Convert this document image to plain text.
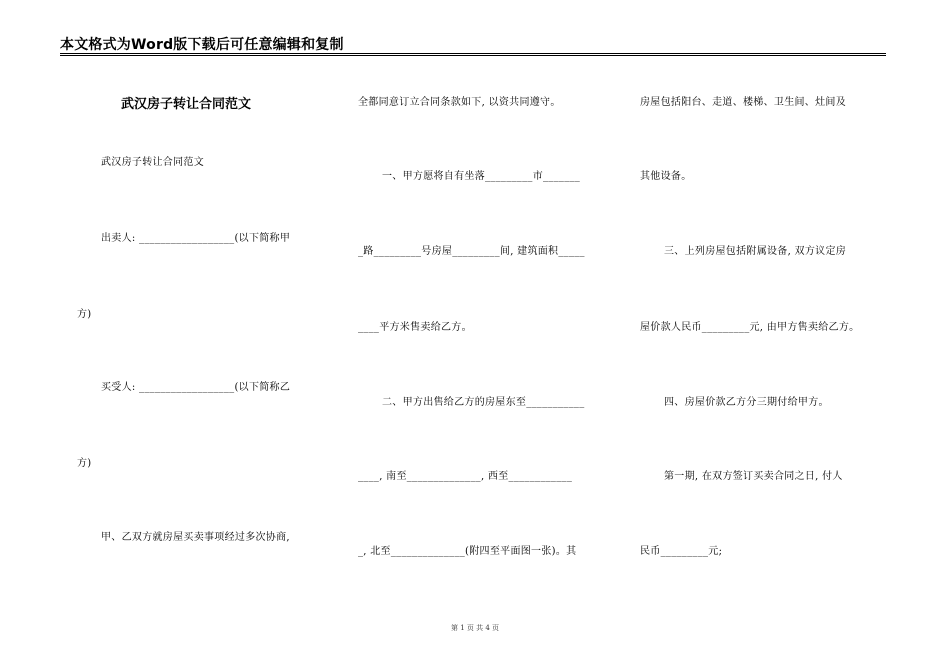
本文格式为Word版下载后可任意编辑和复制
武汉房子转让合同范文
武汉房子转让合同范文
出卖人: __________________(以下简称甲
方)
买受人: __________________(以下简称乙
方)
甲、乙双方就房屋买卖事项经过多次协商,
全都同意订立合同条款如下, 以资共同遵守。
一、甲方愿将自有坐落_________市_______
_路_________号房屋_________间, 建筑面积_____
____平方米售卖给乙方。
二、甲方出售给乙方的房屋东至___________
____, 南至______________, 西至____________
_, 北至______________(附四至平面图一张)。其
房屋包括阳台、走道、楼梯、卫生间、灶间及
其他设备。
三、上列房屋包括附属设备, 双方议定房
屋价款人民币_________元, 由甲方售卖给乙方。
四、房屋价款乙方分三期付给甲方。
第一期, 在双方签订买卖合同之日, 付人
民币_________元;
第 1 页 共 4 页
